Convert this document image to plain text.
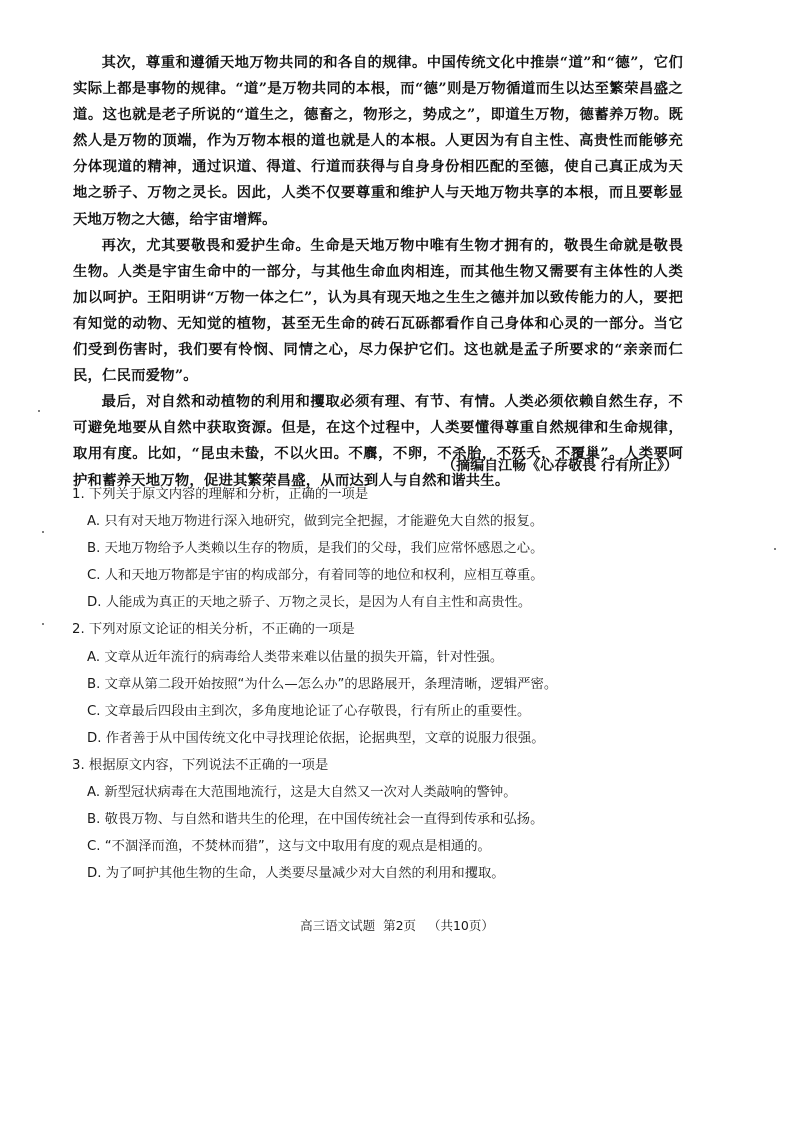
其次，尊重和遵循天地万物共同的和各自的规律。中国传统文化中推崇“道”和“德”，它们实际上都是事物的规律。“道”是万物共同的本根，而“德”则是万物循道而生以达至繁荣昌盛之道。这也就是老子所说的“道生之，德畜之，物形之，势成之”，即道生万物，德蓄养万物。既然人是万物的顶端，作为万物本根的道也就是人的本根。人更因为有自主性、高贵性而能够充分体现道的精神，通过识道、得道、行道而获得与自身身份相匹配的至德，使自己真正成为天地之骄子、万物之灵长。因此，人类不仅要尊重和维护人与天地万物共享的本根，而且要彰显天地万物之大德，给宇宙增辉。

再次，尤其要敬畏和爱护生命。生命是天地万物中唯有生物才拥有的，敬畏生命就是敬畏生物。人类是宇宙生命中的一部分，与其他生命血肉相连，而其他生物又需要有主体性的人类加以呵护。王阳明讲“万物一体之仁”，认为具有现天地之生生之德并加以致传能力的人，要把有知觉的动物、无知觉的植物，甚至无生命的砖石瓦砾都看作自己身体和心灵的一部分。当它们受到伤害时，我们要有怜悯、同情之心，尽力保护它们。这也就是孟子所要求的“亲亲而仁民，仁民而爱物”。

最后，对自然和动植物的利用和攫取必须有理、有节、有情。人类必须依赖自然生存，不可避免地要从自然中获取资源。但是，在这个过程中，人类要懂得尊重自然规律和生命规律，取用有度。比如，“昆虫未蛰，不以火田。不麛，不卵，不杀胎，不殀夭，不覆巢”。人类要呵护和蓄养天地万物，促进其繁荣昌盛，从而达到人与自然和谐共生。

（摘编自江畅《心存敬畏 行有所止》）

1. 下列关于原文内容的理解和分析，正确的一项是

A. 只有对天地万物进行深入地研究，做到完全把握，才能避免大自然的报复。

B. 天地万物给予人类赖以生存的物质，是我们的父母，我们应常怀感恩之心。

C. 人和天地万物都是宇宙的构成部分，有着同等的地位和权利，应相互尊重。

D. 人能成为真正的天地之骄子、万物之灵长，是因为人有自主性和高贵性。

2. 下列对原文论证的相关分析，不正确的一项是

A. 文章从近年流行的病毒给人类带来难以估量的损失开篇，针对性强。

B. 文章从第二段开始按照“为什么—怎么办”的思路展开，条理清晰，逻辑严密。

C. 文章最后四段由主到次，多角度地论证了心存敬畏，行有所止的重要性。

D. 作者善于从中国传统文化中寻找理论依据，论据典型，文章的说服力很强。

3. 根据原文内容，下列说法不正确的一项是

A. 新型冠状病毒在大范围地流行，这是大自然又一次对人类敲响的警钟。

B. 敬畏万物、与自然和谐共生的伦理，在中国传统社会一直得到传承和弘扬。

C. “不涸泽而渔，不焚林而猎”，这与文中取用有度的观点是相通的。

D. 为了呵护其他生物的生命，人类要尽量减少对大自然的利用和攫取。

高三语文试题  第2页   （共10页）
